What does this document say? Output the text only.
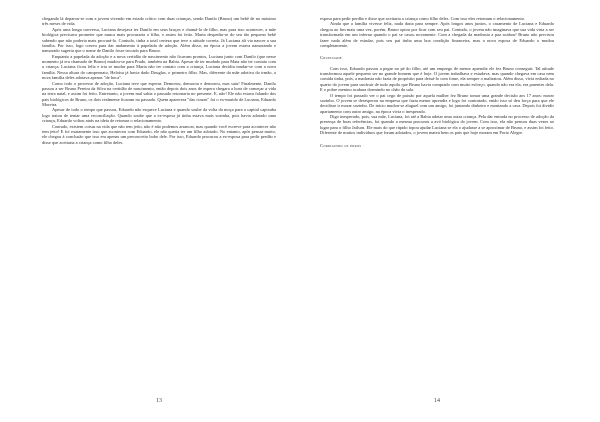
chegando lá deparou-se com a jovem vivendo em estado crítico com duas crianças, sendo Danilo (Bruno) um bebê de no máximo três meses de vida.

Após uma longa conversa, Luciana desejava ter Danilo em seus braços e chamá-lo de filho, mas para isso acontecer, a mãe biológica precisava prometer que nunca mais procuraria o filho, e assim foi feito. Maria despediu-se do seu tão pequeno bebê sabendo que não poderia mais procurá-lo. Contudo, tinha a total certeza que teve a atitude correta. Já Luciana ali via nascer a sua família. Por isso, logo correu para dar andamento à papelada de adoção. Além disso, na época a jovem estava namorando e namorado sugeriu que o nome de Danilo fosse trocado para Bruno.

Enquanto a papelada da adoção e a nova certidão de nascimento não ficavam prontos, Luciana junto com Danilo (que nesse momento já era chamado de Bruno) mudou-se para Prado, também na Bahia. Apesar de ter mudado para Mata não ter contato com a criança, Luciana ficou feliz e iria se mudar para Maria não ter contato com a criança, Luciana decidiu mudar-se com a nova família. Nessa altura do campeonato, Heloísa já havia dado Douglas, o primeiro filho. Mas, diferente da mãe adotiva do irmão, a nova família deles adotava apenas "de boca".

Como todo o processo de adoção, Luciana teve que esperar. Demorou, demorou e demorou, mas saiu! Finalmente, Danilo passou a ser Bruno Pereira da Silva na certidão de nascimento, então depois dois anos de espera chegara a hora de começar a vida na terra natal, e assim foi feito. Entretanto, a jovem mal sabia o passado retornaria no presente. E, não! Ele não estava falando dos pais biológicos de Bruno, os dois realmente ficaram no passado. Quem aparecera "das cinzas" foi o ex-marido de Luciana, Eduardo Moreira.

Apesar de todo o tempo que passou, Eduardo não esquece Luciana e quando soube da volta da moça para a capital capixaba logo tratou de tentar uma reconciliação. Quando soube que a ex-esposa já tinha estava mais sozinha, pois havia adotado uma criança, Eduardo voltou atrás na ideia de retomar o relacionamento.

Contudo, existem coisas na vida que não tem jeito, não é não podemos arrancar, mas quando você escreve para acontecer não tem jeito! E foi exatamente isso que aconteceu com Eduardo, ele não queria ter um filho adotado. No entanto, após pensar muito, ele chegou à conclusão que isso era apenas um preconceito bobo dele. Por isso, Eduardo procurou a ex-esposa para pedir perdão e disse que aceitaria a criança como filho deles.

13

esposa para pedir perdão e disse que aceitaria a criança como filho deles. Com isso eles retomam o relacionamento.

Ainda que a família vivesse feliz, nada daria para sempre. Após longos anos juntos, o casamento de Luciana e Eduardo chegou ao fim mais uma vez, porém, Bruno optou por ficar com seu pai. Contudo, o jovem não imaginava que sua vida viria a ser transformada em um inferno quando o pai se casou novamente. Com a chegada da madrasta a paz acabou! Bruno não precisou fazer nada além de estudar, pois seu pai tinha uma boa condição financeira, mas a nova esposa de Eduardo o mudou completamente.

Crueldade

Com isso, Eduardo passou a pegar no pé do filho, até um emprego de menor aprendiz ele fez Bruno conseguir. Tal atitude transformou aquele pequeno ser no grande homem que é hoje. O jovem trabalhava e estudava, mas quando chegava em casa nem comida tinha, pois, a madrasta não fazia de propósito para deixá-lo com fome, ela sempre o maltratou. Além disso, vivia enfiada no quarto do jovem para usufruir de tudo aquilo que Bruno havia comprado com muito esforço, quando não era ela, era parentes dela. E o pobre menino acabara dormindo no chão da sala.

O tempo foi passado ver o pai cego de paixão por aquela mulher fez Bruno tomar uma grande decisão aos 17 anos: morar sozinho. O jovem se desesperou na empresa que fazia menor aprendiz e logo foi contratado, então isso só deu força para que ele decidisse ir morar sozinho. De início mudou-se aluguel com um amigo, foi juntando dinheiro e montando a casa. Depois foi dividir apartamento com outro amigo, na época vivia o inesperado.

Digo inesperado, pois, sua mãe, Luciana, foi até a Bahia adotar uma outra criança. Pela dar entrada no processo de adoção da presença de boas referências, foi quando a mesma procurou a avó biológica do jovem. Com isso, ela não pensou duas vezes ao lugar para o filho Jailson. Ele mais do que rápido topou ajudar Luciana se ela o ajudasse a se aproximar de Bruno, e assim foi feito. Diferente de muitos indivíduos que foram adotados, o jovem mateu bem os pais que hoje moram em Porto Alegre.

Corrigindo os erros
14
